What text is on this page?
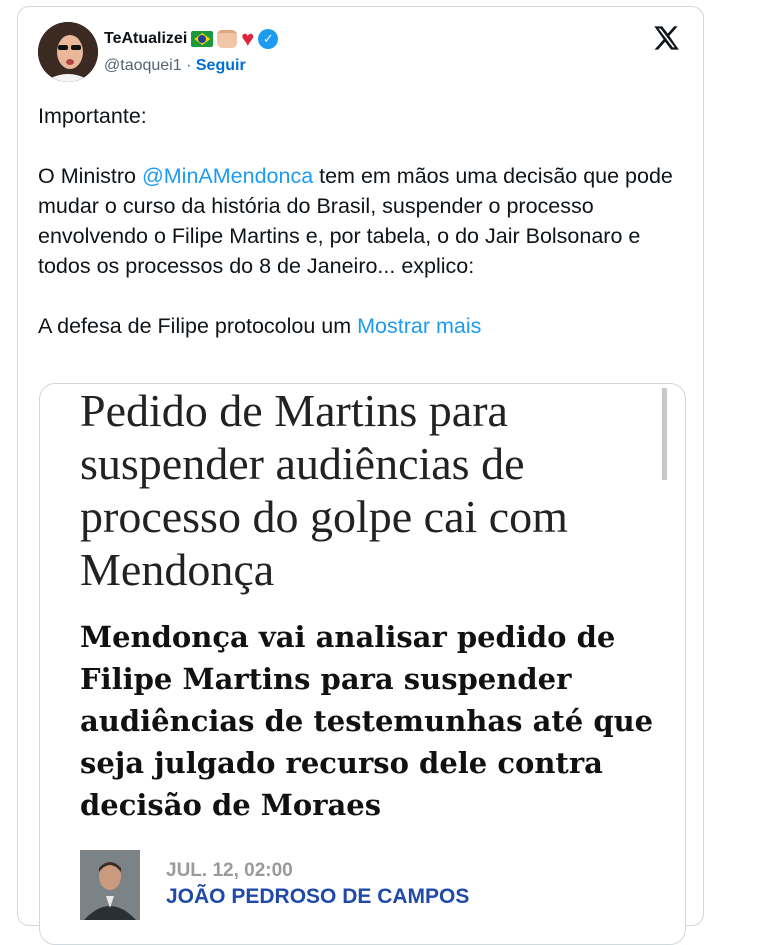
TeAtualizei ♥ ✓
@taoquei1 · Seguir

Importante:

O Ministro @MinAMendonca tem em mãos uma decisão que pode mudar o curso da história do Brasil, suspender o processo envolvendo o Filipe Martins e, por tabela, o do Jair Bolsonaro e todos os processos do 8 de Janeiro... explico:

A defesa de Filipe protocolou um Mostrar mais

Pedido de Martins para suspender audiências de processo do golpe cai com Mendonça
Mendonça vai analisar pedido de Filipe Martins para suspender audiências de testemunhas até que seja julgado recurso dele contra decisão de Moraes
JUL. 12, 02:00
JOÃO PEDROSO DE CAMPOS
